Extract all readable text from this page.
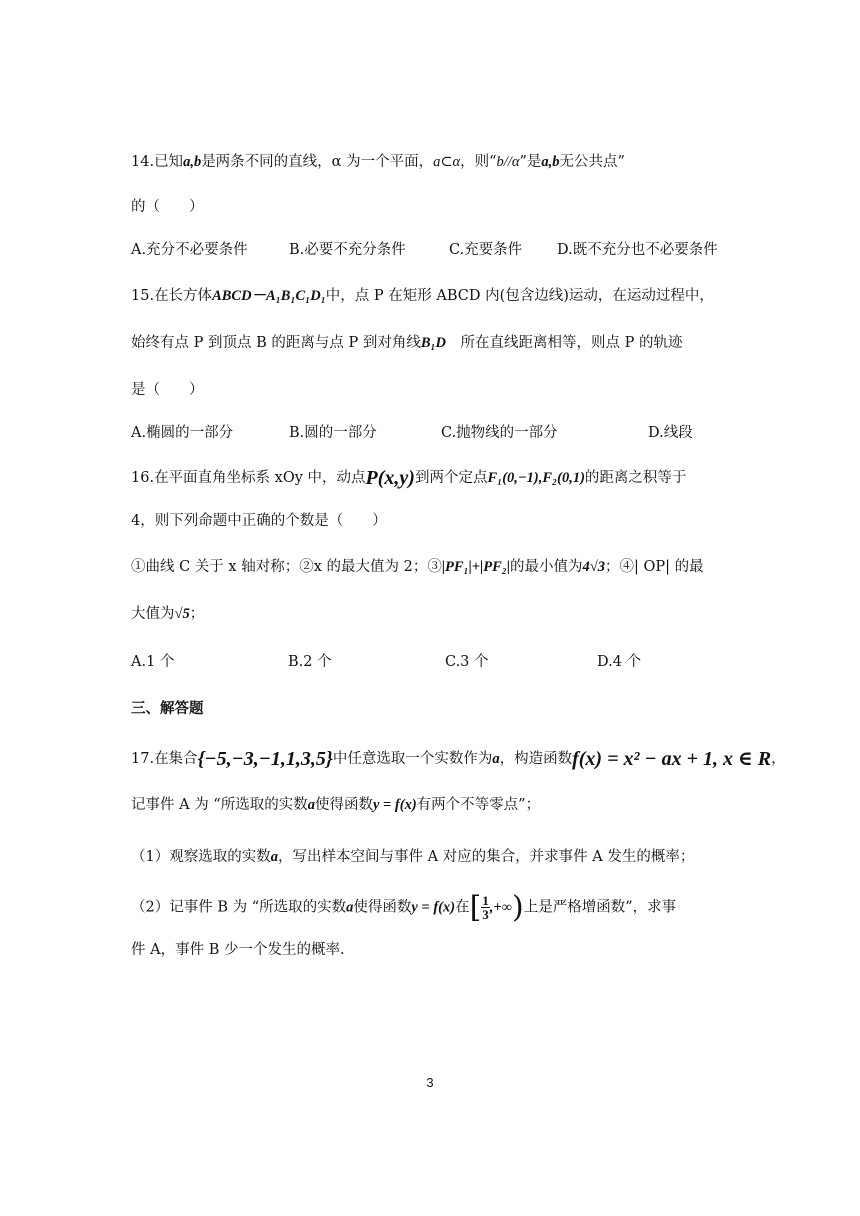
14.已知a,b是两条不同的直线，α 为一个平面，a⊂α，则“b//α”是a,b无公共点”
的（　　）
A.充分不必要条件	B.必要不充分条件	C.充要条件 D.既不充分也不必要条件
15.在长方体ABCD－A₁B₁C₁D₁中，点 P 在矩形 ABCD 内(包含边线)运动，在运动过程中，
始终有点 P 到顶点 B 的距离与点 P 到对角线B₁D  所在直线距离相等，则点 P 的轨迹
是（　　）
A.椭圆的一部分	B.圆的一部分	C.抛物线的一部分	D.线段
16.在平面直角坐标系 xOy 中，动点P(x,y)到两个定点F₁(0,−1),F₂(0,1)的距离之积等于
4，则下列命题中正确的个数是（　　）
①曲线 C 关于 x 轴对称；②x 的最大值为 2；③|PF₁|+|PF₂|的最小值为4√3；④| OP| 的最
大值为√5；
A.1 个	B.2 个	C.3 个	D.4 个
三、解答题
17.在集合{−5,−3,−1,1,3,5}中任意选取一个实数作为a，构造函数f(x) = x² − ax + 1, x ∈ R，
记事件 A 为 “所选取的实数a使得函数y = f(x)有两个不等零点”；
（1）观察选取的实数a，写出样本空间与事件 A 对应的集合，并求事件 A 发生的概率；
（2）记事件 B 为 “所选取的实数a使得函数y = f(x)在[ $\frac{1}{3}$ ,+∞)上是严格增函数”，求事
件 A，事件 B 少一个发生的概率.
3
